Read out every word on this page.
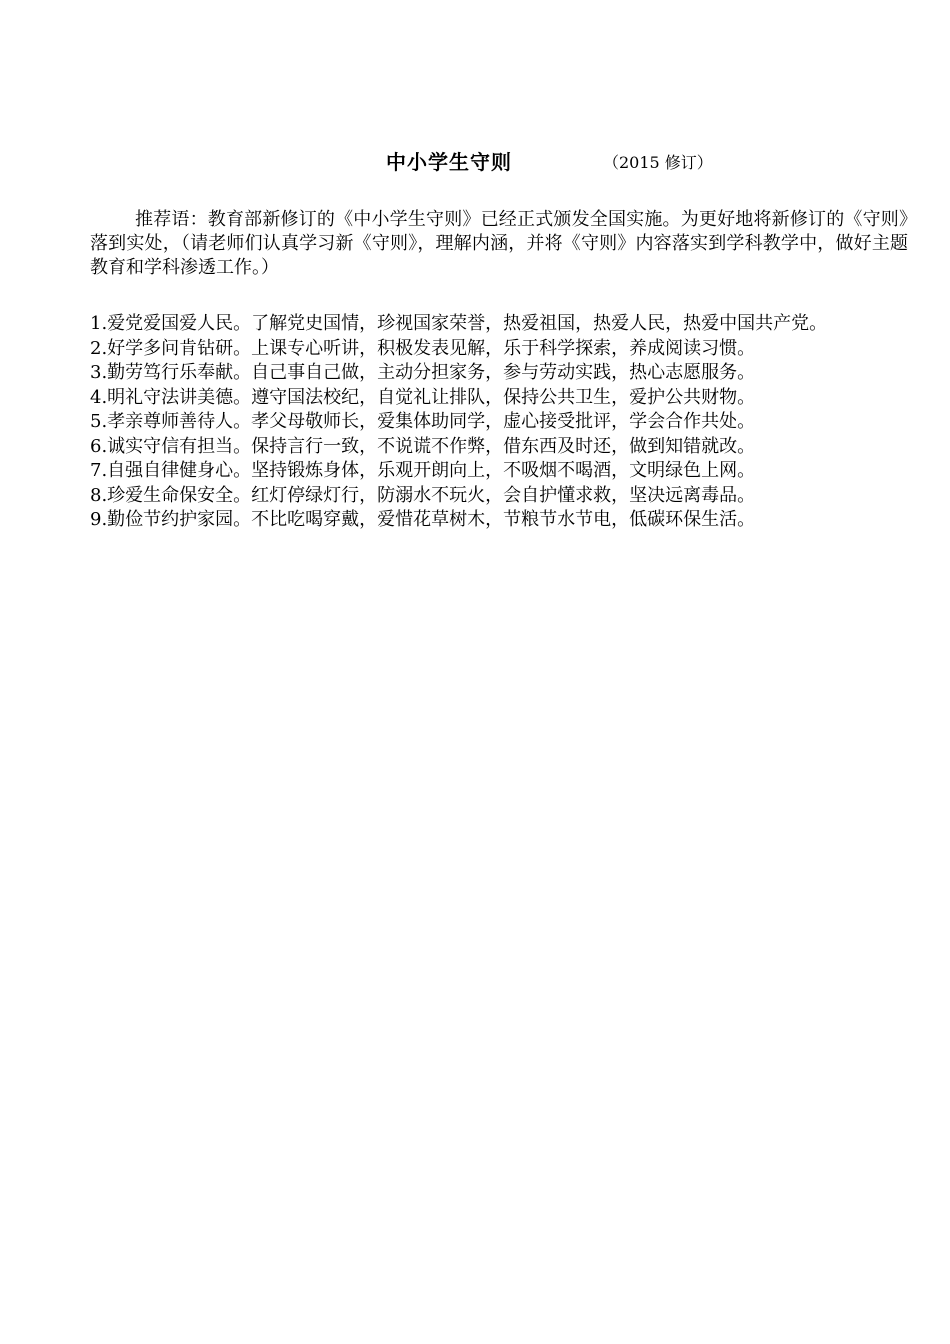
中小学生守则	（2015 修订）

推荐语：教育部新修订的《中小学生守则》已经正式颁发全国实施。为更好地将新修订的《守则》落到实处，（请老师们认真学习新《守则》，理解内涵，并将《守则》内容落实到学科教学中，做好主题教育和学科渗透工作。）

1.爱党爱国爱人民。了解党史国情，珍视国家荣誉，热爱祖国，热爱人民，热爱中国共产党。
2.好学多问肯钻研。上课专心听讲，积极发表见解，乐于科学探索，养成阅读习惯。
3.勤劳笃行乐奉献。自己事自己做，主动分担家务，参与劳动实践，热心志愿服务。
4.明礼守法讲美德。遵守国法校纪，自觉礼让排队，保持公共卫生，爱护公共财物。
5.孝亲尊师善待人。孝父母敬师长，爱集体助同学，虚心接受批评，学会合作共处。
6.诚实守信有担当。保持言行一致，不说谎不作弊，借东西及时还，做到知错就改。
7.自强自律健身心。坚持锻炼身体，乐观开朗向上，不吸烟不喝酒，文明绿色上网。
8.珍爱生命保安全。红灯停绿灯行，防溺水不玩火，会自护懂求救，坚决远离毒品。
9.勤俭节约护家园。不比吃喝穿戴，爱惜花草树木，节粮节水节电，低碳环保生活。
